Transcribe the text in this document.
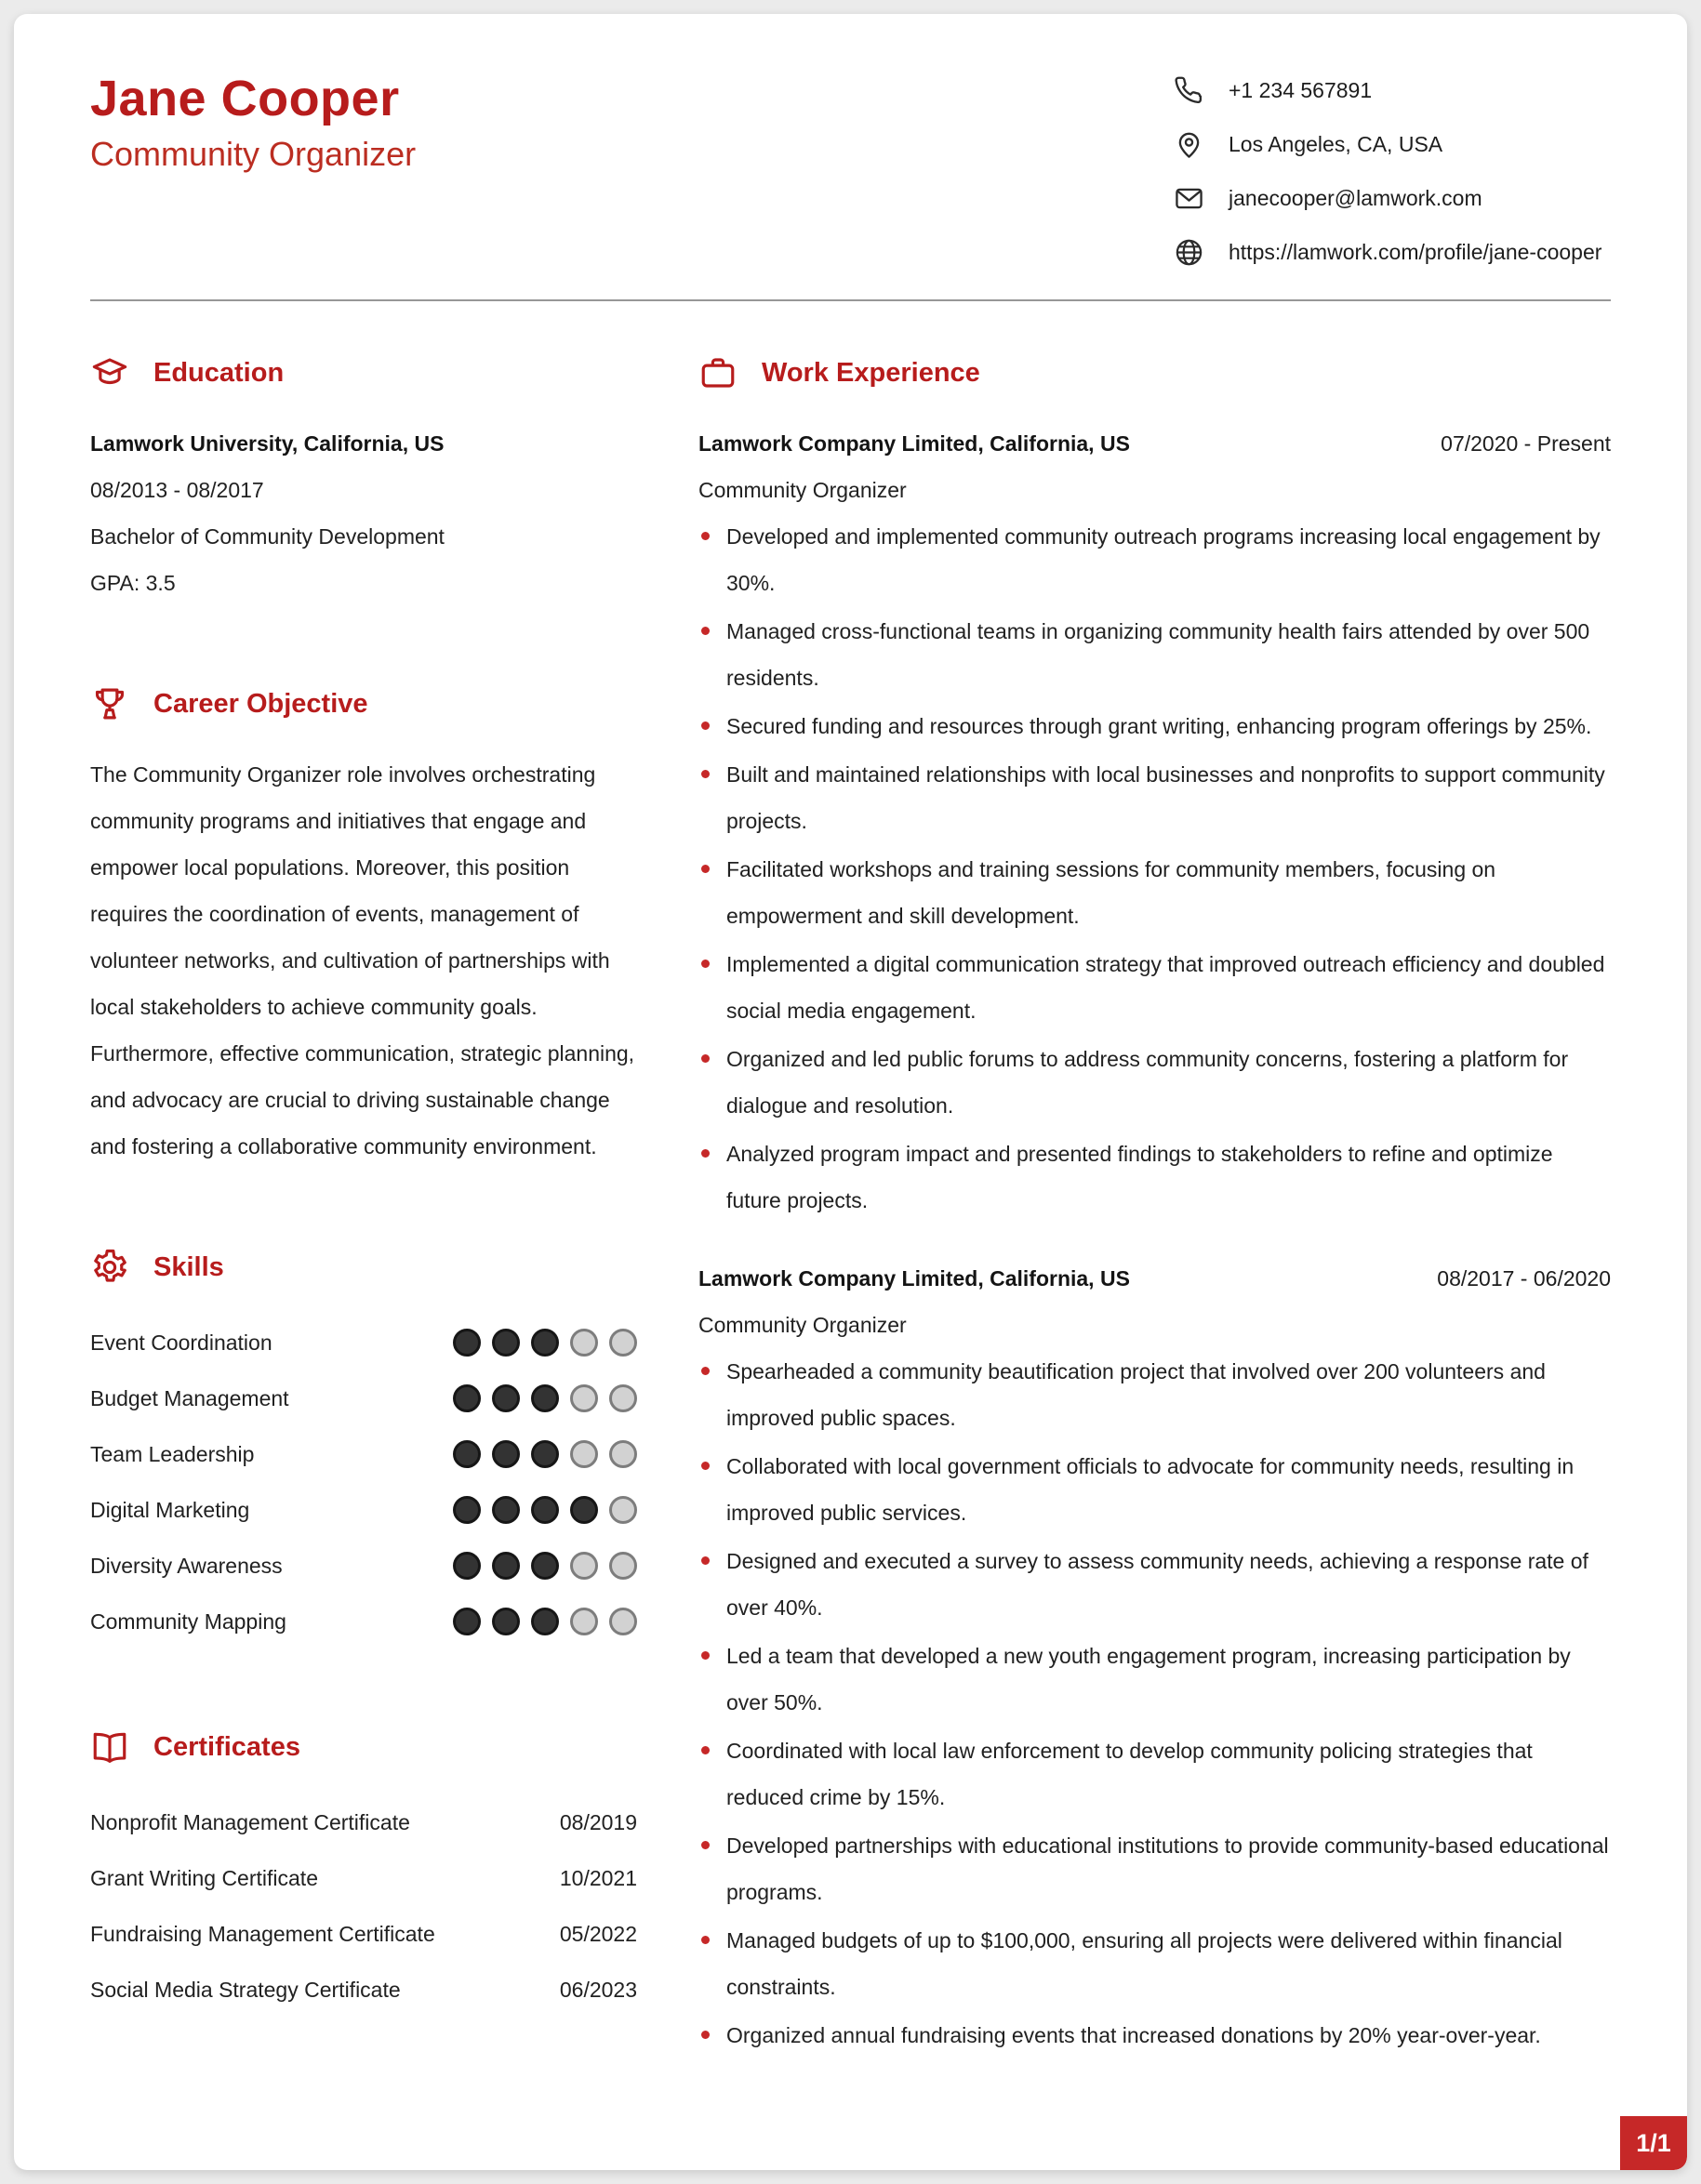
Jane Cooper
Community Organizer
+1 234 567891
Los Angeles, CA, USA
janecooper@lamwork.com
https://lamwork.com/profile/jane-cooper
Education

Lamwork University, California, US

08/2013 - 08/2017

Bachelor of Community Development

GPA: 3.5

Career Objective

The Community Organizer role involves orchestrating community programs and initiatives that engage and empower local populations. Moreover, this position requires the coordination of events, management of volunteer networks, and cultivation of partnerships with local stakeholders to achieve community goals. Furthermore, effective communication, strategic planning, and advocacy are crucial to driving sustainable change and fostering a collaborative community environment.

Skills
Event Coordination
Budget Management
Team Leadership
Digital Marketing
Diversity Awareness
Community Mapping
Certificates
Nonprofit Management Certificate	08/2019
Grant Writing Certificate	10/2021
Fundraising Management Certificate	05/2022
Social Media Strategy Certificate	06/2023
Work Experience
Lamwork Company Limited, California, US	07/2020 - Present
Community Organizer
Developed and implemented community outreach programs increasing local engagement by 30%.
Managed cross-functional teams in organizing community health fairs attended by over 500 residents.
Secured funding and resources through grant writing, enhancing program offerings by 25%.
Built and maintained relationships with local businesses and nonprofits to support community projects.
Facilitated workshops and training sessions for community members, focusing on empowerment and skill development.
Implemented a digital communication strategy that improved outreach efficiency and doubled social media engagement.
Organized and led public forums to address community concerns, fostering a platform for dialogue and resolution.
Analyzed program impact and presented findings to stakeholders to refine and optimize future projects.
Lamwork Company Limited, California, US	08/2017 - 06/2020
Community Organizer
Spearheaded a community beautification project that involved over 200 volunteers and improved public spaces.
Collaborated with local government officials to advocate for community needs, resulting in improved public services.
Designed and executed a survey to assess community needs, achieving a response rate of over 40%.
Led a team that developed a new youth engagement program, increasing participation by over 50%.
Coordinated with local law enforcement to develop community policing strategies that reduced crime by 15%.
Developed partnerships with educational institutions to provide community-based educational programs.
Managed budgets of up to $100,000, ensuring all projects were delivered within financial constraints.
Organized annual fundraising events that increased donations by 20% year-over-year.
1/1
